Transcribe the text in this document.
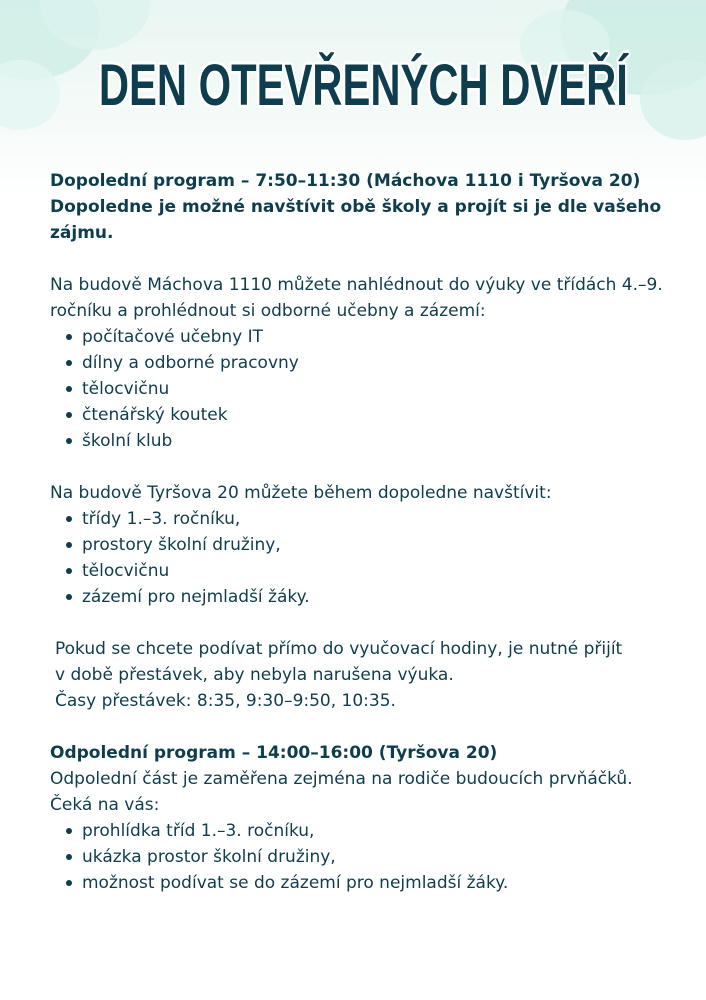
DEN OTEVŘENÝCH DVEŘÍ

Dopolední program – 7:50–11:30 (Máchova 1110 i Tyršova 20)

Dopoledne je možné navštívit obě školy a projít si je dle vašeho zájmu.

Na budově Máchova 1110 můžete nahlédnout do výuky ve třídách 4.–9. ročníku a prohlédnout si odborné učebny a zázemí:

počítačové učebny IT
dílny a odborné pracovny
tělocvičnu
čtenářský koutek
školní klub

Na budově Tyršova 20 můžete během dopoledne navštívit:

třídy 1.–3. ročníku,
prostory školní družiny,
tělocvičnu
zázemí pro nejmladší žáky.

Pokud se chcete podívat přímo do vyučovací hodiny, je nutné přijít

v době přestávek, aby nebyla narušena výuka.

Časy přestávek: 8:35, 9:30–9:50, 10:35.

Odpolední program – 14:00–16:00 (Tyršova 20)

Odpolední část je zaměřena zejména na rodiče budoucích prvňáčků. Čeká na vás:

prohlídka tříd 1.–3. ročníku,
ukázka prostor školní družiny,
možnost podívat se do zázemí pro nejmladší žáky.
